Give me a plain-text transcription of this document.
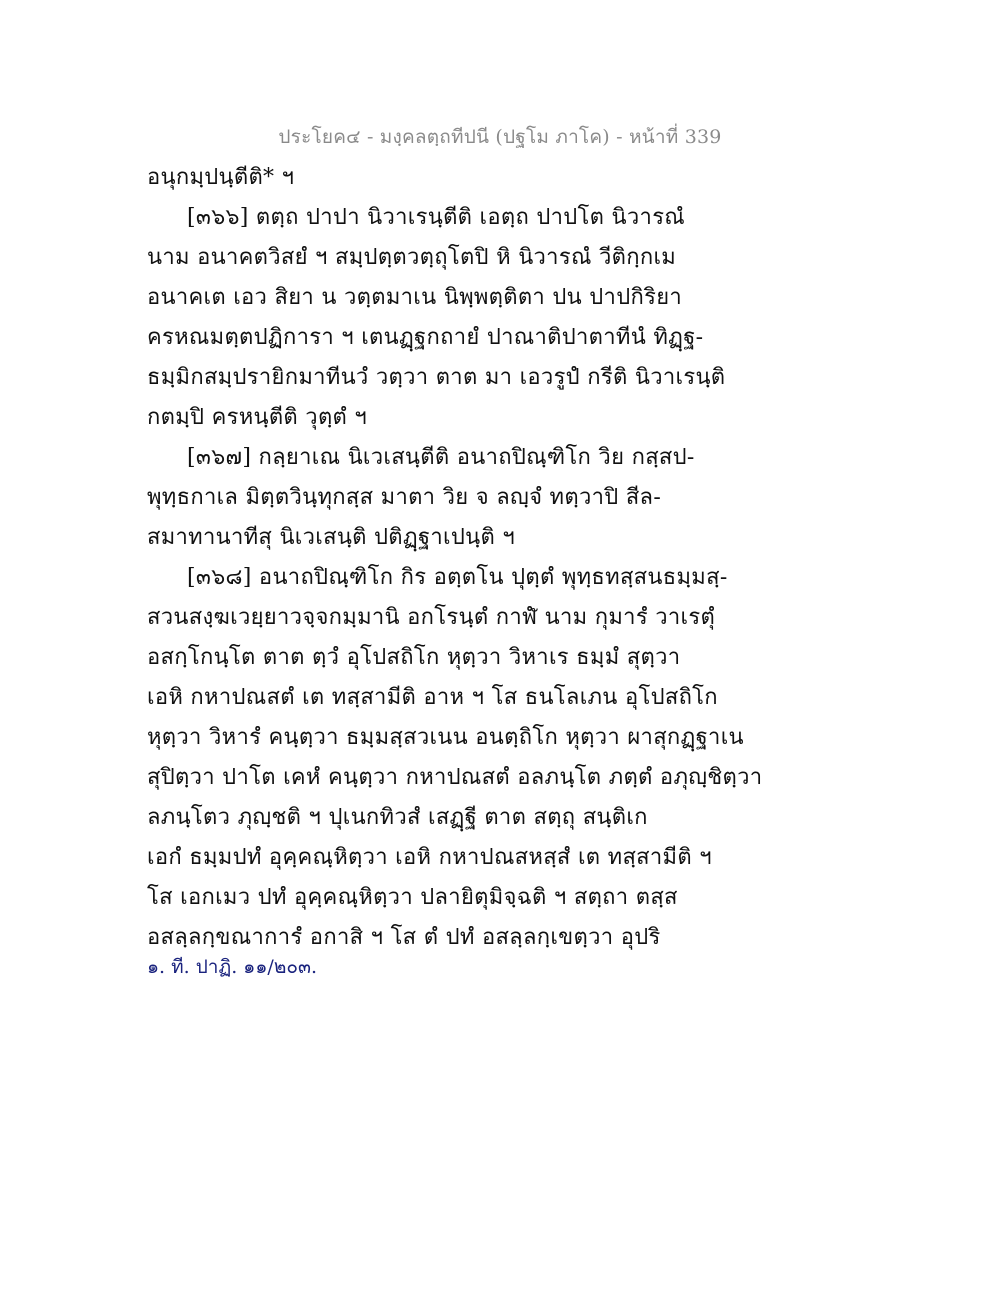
ประโยค๔ - มงฺคลตฺถทีปนี (ปฐโม ภาโค) - หน้าที่ 339
อนุกมฺปนฺตีติ* ฯ
[๓๖๖] ตตฺถ ปาปา นิวาเรนฺตีติ เอตฺถ ปาปโต นิวารณํ
นาม อนาคตวิสยํ ฯ สมฺปตฺตวตฺถุโตปิ หิ นิวารณํ วีติกฺกเม
อนาคเต เอว สิยา น วตฺตมาเน นิพฺพตฺติตา ปน ปาปกิริยา
ครหณมตฺตปฏิการา ฯ เตนฏฺฐกถายํ ปาณาติปาตาทีนํ ทิฏฺฐ-
ธมฺมิกสมฺปรายิกมาทีนวํ วตฺวา ตาต มา เอวรูปํ กรีติ นิวาเรนฺติ
กตมฺปิ ครหนฺตีติ วุตฺตํ ฯ
[๓๖๗] กลฺยาเณ นิเวเสนฺตีติ อนาถปิณฺฑิโก วิย กสฺสป-
พุทฺธกาเล มิตฺตวินฺทุกสฺส มาตา วิย จ ลญฺจํ ทตฺวาปิ สีล-
สมาทานาทีสุ นิเวเสนฺติ ปติฏฺฐาเปนฺติ ฯ
[๓๖๘] อนาถปิณฺฑิโก กิร อตฺตโน ปุตฺตํ พุทฺธทสฺสนธมฺมสฺ-
สวนสงฺฆเวยฺยาวจฺจกมฺมานิ อกโรนฺตํ กาฬํ นาม กุมารํ วาเรตุํ
อสกฺโกนฺโต ตาต ตฺวํ อุโปสถิโก หุตฺวา วิหาเร ธมฺมํ สุตฺวา
เอหิ กหาปณสตํ เต ทสฺสามีติ อาห ฯ โส ธนโลเภน อุโปสถิโก
หุตฺวา วิหารํ คนฺตฺวา ธมฺมสฺสวเนน อนตฺถิโก หุตฺวา ผาสุกฏฺฐาเน
สุปิตฺวา ปาโต เคหํ คนฺตฺวา กหาปณสตํ อลภนฺโต ภตฺตํ อภุญฺชิตฺวา
ลภนฺโตว ภุญฺชติ ฯ ปุเนกทิวสํ เสฏฺฐี ตาต สตฺถุ สนฺติเก
เอกํ ธมฺมปทํ อุคฺคณฺหิตฺวา เอหิ กหาปณสหสฺสํ เต ทสฺสามีติ ฯ
โส เอกเมว ปทํ อุคฺคณฺหิตฺวา ปลายิตุมิจฺฉติ ฯ สตฺถา ตสฺส
อสลฺลกฺขณาการํ อกาสิ ฯ โส ตํ ปทํ อสลฺลกฺเขตฺวา อุปริ
๑. ที. ปาฏิ. ๑๑/๒๐๓.
